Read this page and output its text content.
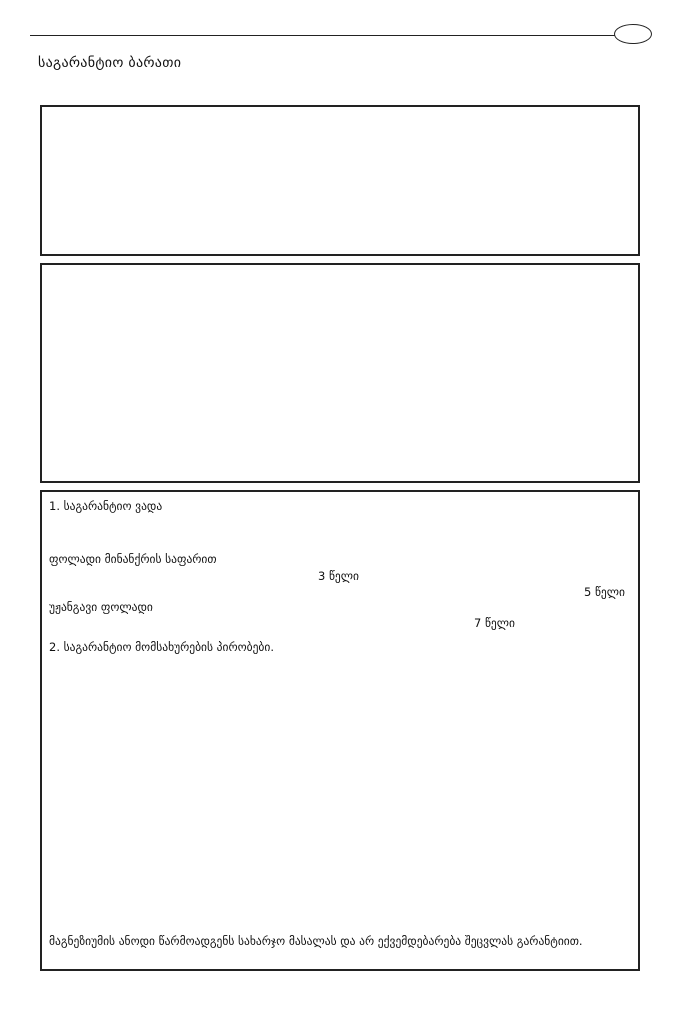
საგარანტიო ბარათი
1. საგარანტიო ვადა
ფოლადი მინანქრის საფარით
3 წელი
5 წელი
უჟანგავი ფოლადი
7 წელი
2. საგარანტიო მომსახურების პირობები.
მაგნეზიუმის ანოდი წარმოადგენს სახარჯო მასალას და არ ექვემდებარება შეცვლას გარანტიით.
